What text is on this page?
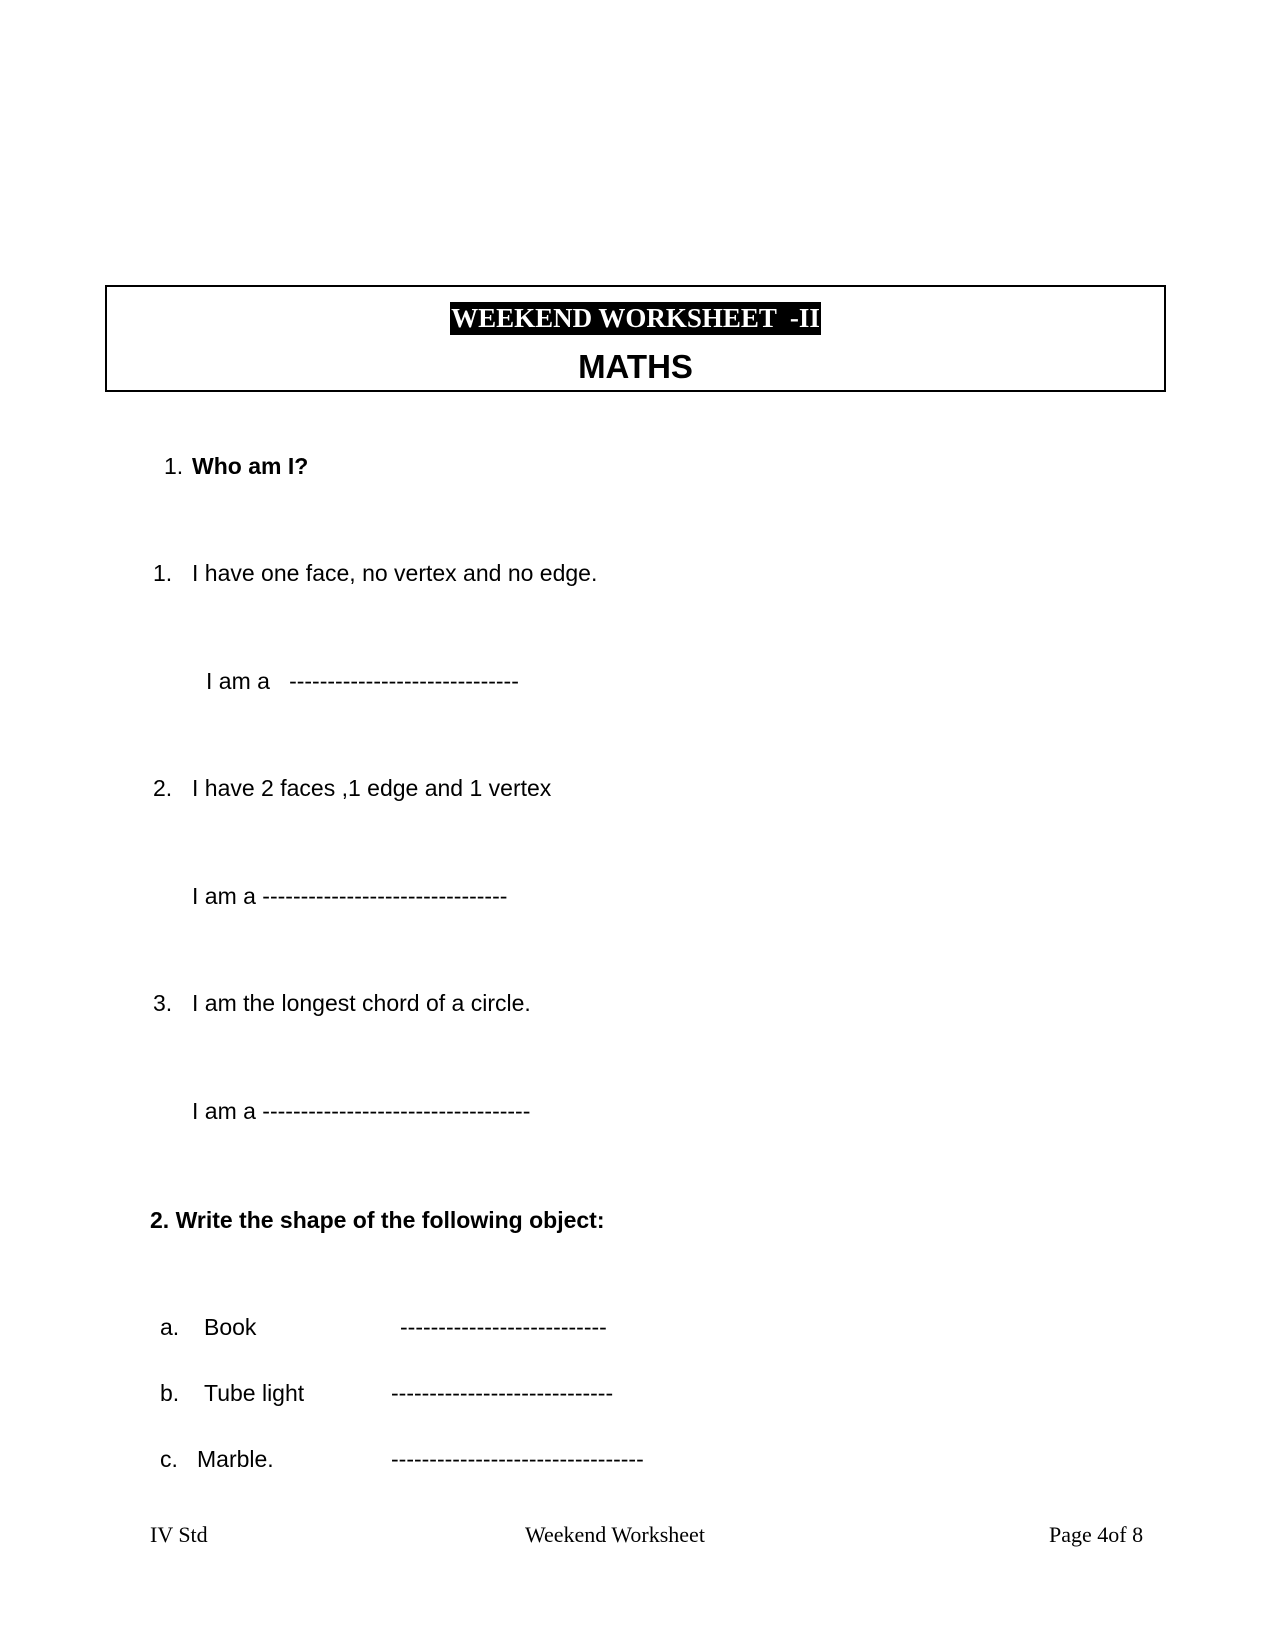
WEEKEND WORKSHEET  -II
MATHS
1. Who am I?
1. I have one face, no vertex and no edge.
I am a   ------------------------------
2. I have 2 faces ,1 edge and 1 vertex
I am a --------------------------------
3. I am the longest chord of a circle.
I am a -----------------------------------
2. Write the shape of the following object:
a. Book	---------------------------
b. Tube light	-----------------------------
c. Marble.	---------------------------------
IV Std	Weekend Worksheet	Page 4of 8
